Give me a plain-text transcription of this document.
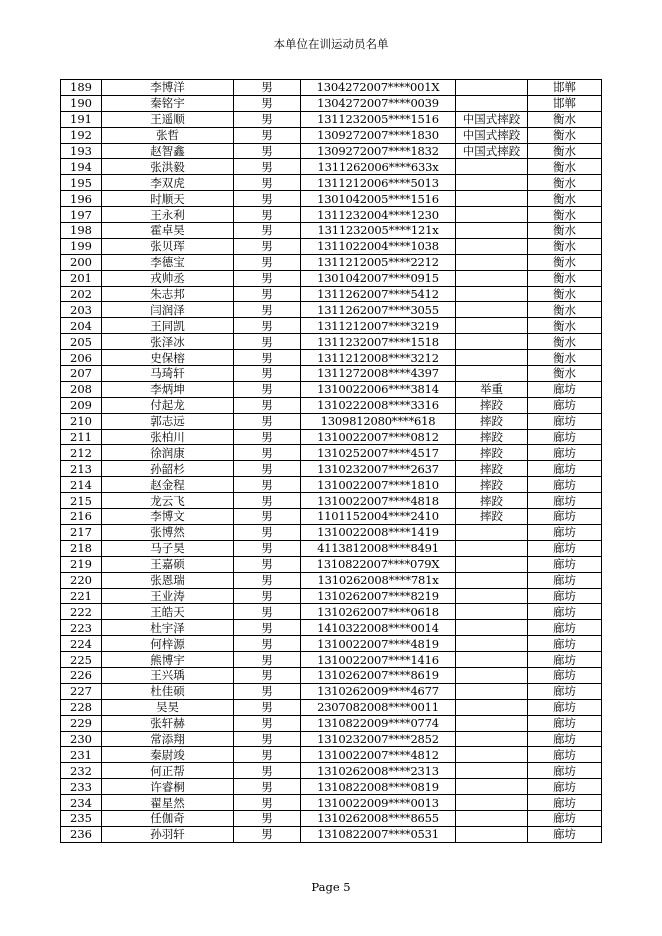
本单位在训运动员名单
189	李博洋	男	1304272007****001X		邯郸
190	秦铭宇	男	1304272007****0039		邯郸
191	王遥顺	男	1311232005****1516	中国式摔跤	衡水
192	张哲	男	1309272007****1830	中国式摔跤	衡水
193	赵智鑫	男	1309272007****1832	中国式摔跤	衡水
194	张洪毅	男	1311262006****633x		衡水
195	李双虎	男	1311212006****5013		衡水
196	时顺天	男	1301042005****1516		衡水
197	王永利	男	1311232004****1230		衡水
198	霍卓昊	男	1311232005****121x		衡水
199	张贝珲	男	1311022004****1038		衡水
200	李德宝	男	1311212005****2212		衡水
201	戎帅丞	男	1301042007****0915		衡水
202	朱志邦	男	1311262007****5412		衡水
203	闫润泽	男	1311262007****3055		衡水
204	王同凯	男	1311212007****3219		衡水
205	张泽冰	男	1311232007****1518		衡水
206	史保榕	男	1311212008****3212		衡水
207	马琦轩	男	1311272008****4397		衡水
208	李炳坤	男	1310022006****3814	举重	廊坊
209	付起龙	男	1310222008****3316	摔跤	廊坊
210	郭志远	男	1309812080****618	摔跤	廊坊
211	张柏川	男	1310022007****0812	摔跤	廊坊
212	徐润康	男	1310252007****4517	摔跤	廊坊
213	孙韶杉	男	1310232007****2637	摔跤	廊坊
214	赵金程	男	1310022007****1810	摔跤	廊坊
215	龙云飞	男	1310022007****4818	摔跤	廊坊
216	李博文	男	1101152004****2410	摔跤	廊坊
217	张博然	男	1310022008****1419		廊坊
218	马子昊	男	4113812008****8491		廊坊
219	王嘉硕	男	1310822007****079X		廊坊
220	张恩瑞	男	1310262008****781x		廊坊
221	王业涛	男	1310262007****8219		廊坊
222	王皓天	男	1310262007****0618		廊坊
223	杜宇泽	男	1410322008****0014		廊坊
224	何梓源	男	1310022007****4819		廊坊
225	熊博宇	男	1310022007****1416		廊坊
226	王兴瑀	男	1310262007****8619		廊坊
227	杜佳硕	男	1310262009****4677		廊坊
228	吴昊	男	2307082008****0011		廊坊
229	张轩赫	男	1310822009****0774		廊坊
230	常添翔	男	1310232007****2852		廊坊
231	秦尉竣	男	1310022007****4812		廊坊
232	何正帮	男	1310262008****2313		廊坊
233	许睿桐	男	1310822008****0819		廊坊
234	翟星然	男	1310022009****0013		廊坊
235	任伽奇	男	1310262008****8655		廊坊
236	孙羽轩	男	1310822007****0531		廊坊
Page 5
